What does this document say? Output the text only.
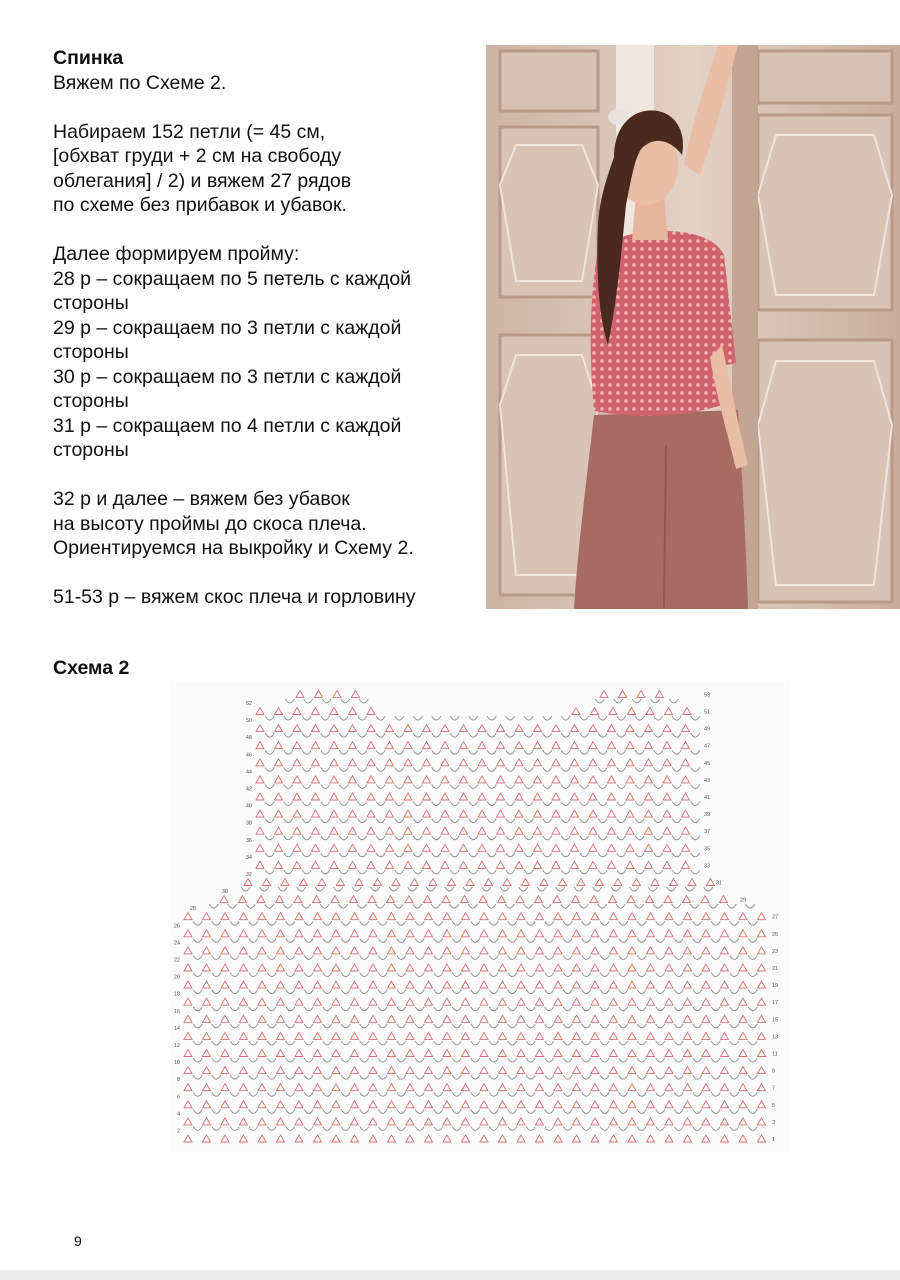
Спинка
Вяжем по Схеме 2.
Набираем 152 петли (= 45 см,
[обхват груди + 2 см на свободу
облегания] / 2) и вяжем 27 рядов
по схеме без прибавок и убавок.
Далее формируем пройму:
28 р – сокращаем по 5 петель с каждой
стороны
29 р – сокращаем по 3 петли с каждой
стороны
30 р – сокращаем по 3 петли с каждой
стороны
31 р – сокращаем по 4 петли с каждой
стороны
32 р и далее – вяжем без убавок
на высоту проймы до скоса плеча.
Ориентируемся на выкройку и Схему 2.
51-53 р – вяжем скос плеча и горловину
Схема 2
2
4
6
8
10
12
14
16
18
20
22
24
26
28
30
32
34
36
38
40
42
44
46
48
50
52
1
3
5
7
9
11
13
15
17
19
21
23
25
27
29
31
33
35
37
39
41
43
45
47
49
51
53
9
